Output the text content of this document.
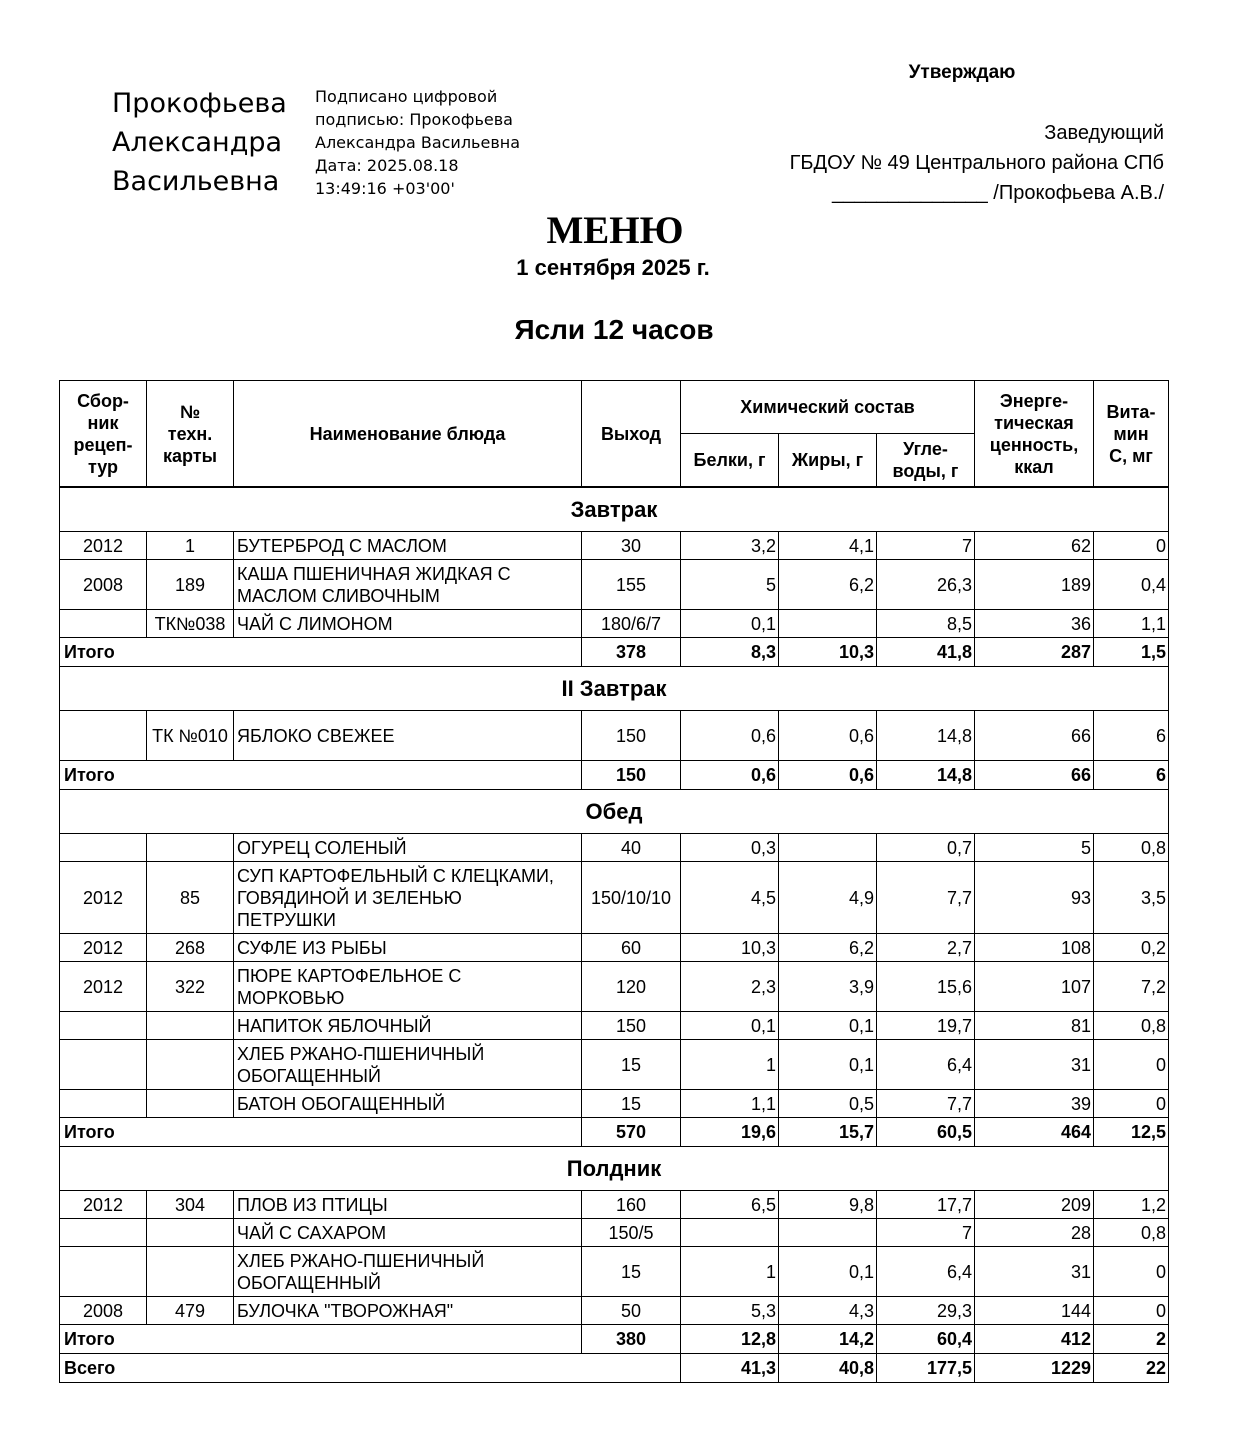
Прокофьева
Александра
Васильевна
Подписано цифровой
подписью: Прокофьева
Александра Васильевна
Дата: 2025.08.18
13:49:16 +03'00'
Утверждаю
Заведующий
ГБДОУ № 49 Центрального района СПб
______________ /Прокофьева А.В./
МЕНЮ
1 сентября 2025 г.
Ясли 12 часов
Сбор-
ник
рецеп-
тур	№
техн.
карты	Наименование блюда	Выход	Химический состав			Энерге-
тическая
ценность,
ккал	Вита-
мин
С, мг
				Белки, г	Жиры, г	Угле-
воды, г		
Завтрак								
2012	1	БУТЕРБРОД С МАСЛОМ	30	3,2	4,1	7	62	0
2008	189	КАША ПШЕНИЧНАЯ ЖИДКАЯ С
МАСЛОМ СЛИВОЧНЫМ	155	5	6,2	26,3	189	0,4
	ТК№038	ЧАЙ С ЛИМОНОМ	180/6/7	0,1		8,5	36	1,1
Итого			378	8,3	10,3	41,8	287	1,5
II Завтрак								
	ТК №010	ЯБЛОКО СВЕЖЕЕ	150	0,6	0,6	14,8	66	6
Итого			150	0,6	0,6	14,8	66	6
Обед								
		ОГУРЕЦ СОЛЕНЫЙ	40	0,3		0,7	5	0,8
2012	85	СУП КАРТОФЕЛЬНЫЙ С КЛЕЦКАМИ,
ГОВЯДИНОЙ И ЗЕЛЕНЬЮ
ПЕТРУШКИ	150/10/10	4,5	4,9	7,7	93	3,5
2012	268	СУФЛЕ ИЗ РЫБЫ	60	10,3	6,2	2,7	108	0,2
2012	322	ПЮРЕ КАРТОФЕЛЬНОЕ С
МОРКОВЬЮ	120	2,3	3,9	15,6	107	7,2
		НАПИТОК ЯБЛОЧНЫЙ	150	0,1	0,1	19,7	81	0,8
		ХЛЕБ РЖАНО-ПШЕНИЧНЫЙ
ОБОГАЩЕННЫЙ	15	1	0,1	6,4	31	0
		БАТОН ОБОГАЩЕННЫЙ	15	1,1	0,5	7,7	39	0
Итого			570	19,6	15,7	60,5	464	12,5
Полдник								
2012	304	ПЛОВ ИЗ ПТИЦЫ	160	6,5	9,8	17,7	209	1,2
		ЧАЙ С САХАРОМ	150/5			7	28	0,8
		ХЛЕБ РЖАНО-ПШЕНИЧНЫЙ
ОБОГАЩЕННЫЙ	15	1	0,1	6,4	31	0
2008	479	БУЛОЧКА "ТВОРОЖНАЯ"	50	5,3	4,3	29,3	144	0
Итого			380	12,8	14,2	60,4	412	2
Всего				41,3	40,8	177,5	1229	22
